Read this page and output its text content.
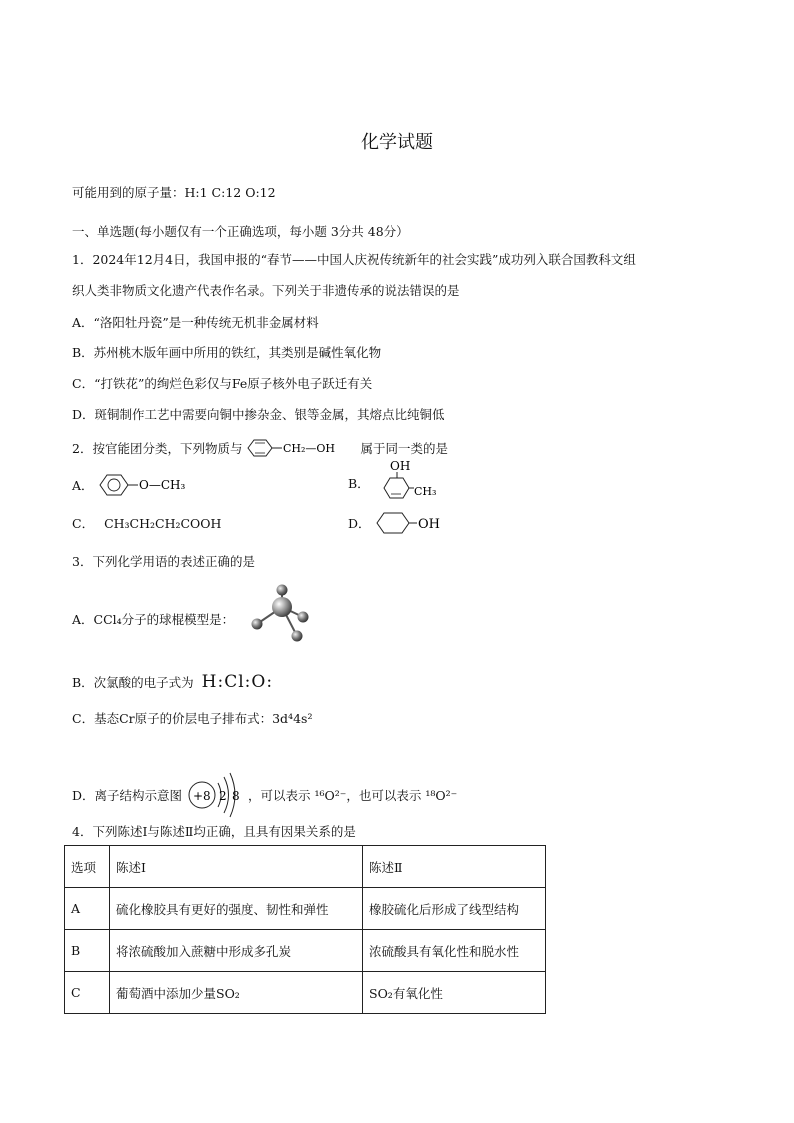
化学试题
可能用到的原子量：H:1 C:12 O:12
一、单选题(每小题仅有一个正确选项，每小题 3分共 48分）
1．2024年12月4日，我国申报的“春节——中国人庆祝传统新年的社会实践”成功列入联合国教科文组
织人类非物质文化遗产代表作名录。下列关于非遗传承的说法错误的是
A．“洛阳牡丹瓷”是一种传统无机非金属材料
B．苏州桃木版年画中所用的铁红，其类别是碱性氧化物
C．“打铁花”的绚烂色彩仅与Fe原子核外电子跃迁有关
D．斑铜制作工艺中需要向铜中掺杂金、银等金属，其熔点比纯铜低
2．按官能团分类，下列物质与	CH₂—OH 属于同一类的是
A．	O—CH₃	B．
OH
CH₃
C． CH₃CH₂CH₂COOH	D．	OH
3．下列化学用语的表述正确的是
A．CCl₄分子的球棍模型是：
B．次氯酸的电子式为 H:Cl:O:
C．基态Cr原子的价层电子排布式：3d⁴4s²
D．离子结构示意图 +8 2 8 ，可以表示 ¹⁶O²⁻，也可以表示 ¹⁸O²⁻
4．下列陈述Ⅰ与陈述Ⅱ均正确，且具有因果关系的是
选项	陈述Ⅰ	陈述Ⅱ
A	硫化橡胶具有更好的强度、韧性和弹性	橡胶硫化后形成了线型结构
B	将浓硫酸加入蔗糖中形成多孔炭	浓硫酸具有氧化性和脱水性
C	葡萄酒中添加少量SO₂	SO₂有氧化性
